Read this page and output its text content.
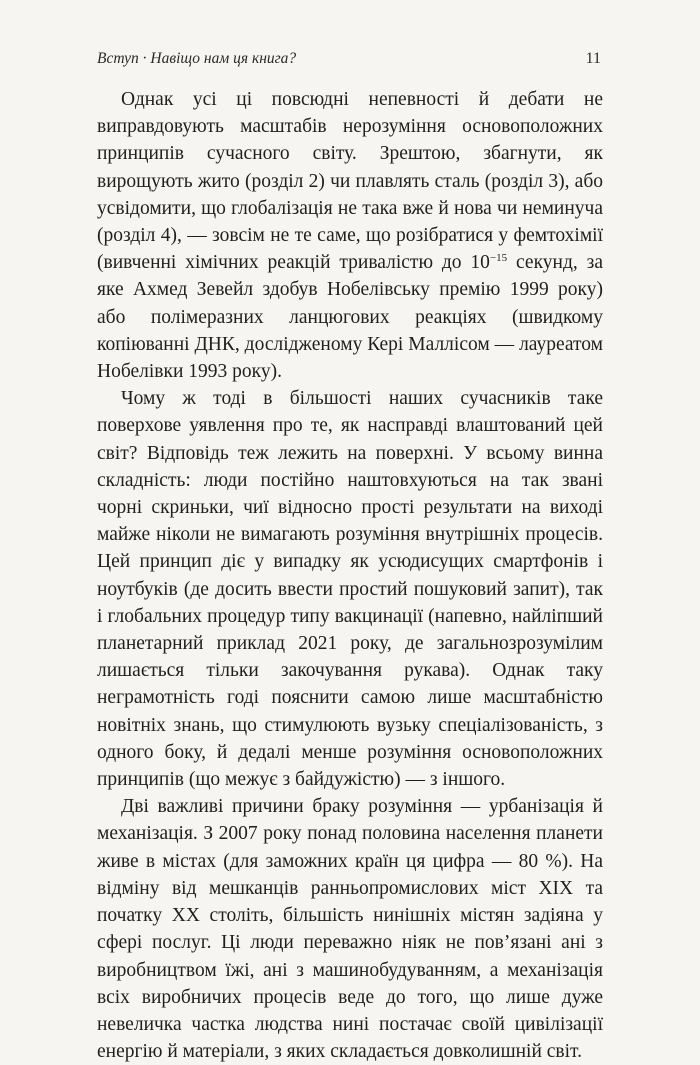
Вступ · Навіщо нам ця книга?	11

Однак усі ці повсюдні непевності й дебати не виправдовують масштабів нерозуміння основоположних принципів сучасного світу. Зрештою, збагнути, як вирощують жито (розділ 2) чи плавлять сталь (розділ 3), або усвідомити, що глобалізація не така вже й нова чи неминуча (розділ 4), — зовсім не те саме, що розібратися у фемтохімії (вивченні хімічних реакцій тривалістю до $10^{-15}$ секунд, за яке Ахмед Зевейл здобув Нобелівську премію 1999 року) або полімеразних ланцюгових реакціях (швидкому копіюванні ДНК, дослідженому Кері Маллісом — лауреатом Нобелівки 1993 року).

Чому ж тоді в більшості наших сучасників таке поверхове уявлення про те, як насправді влаштований цей світ? Відповідь теж лежить на поверхні. У всьому винна складність: люди постійно наштовхуються на так звані чорні скриньки, чиї відносно прості результати на виході майже ніколи не вимагають розуміння внутрішніх процесів. Цей принцип діє у випадку як усюдисущих смартфонів і ноутбуків (де досить ввести простий пошуковий запит), так і глобальних процедур типу вакцинації (напевно, найліпший планетарний приклад 2021 року, де загальнозрозумілим лишається тільки закочування рукава). Однак таку неграмотність годі пояснити самою лише масштабністю новітніх знань, що стимулюють вузьку спеціалізованість, з одного боку, й дедалі менше розуміння основоположних принципів (що межує з байдужістю) — з іншого.

Дві важливі причини браку розуміння — урбанізація й механізація. З 2007 року понад половина населення планети живе в містах (для заможних країн ця цифра — 80 %). На відміну від мешканців ранньопромислових міст XIX та початку XX століть, більшість нинішніх містян задіяна у сфері послуг. Ці люди переважно ніяк не пов’язані ані з виробництвом їжі, ані з машинобудуванням, а механізація всіх виробничих процесів веде до того, що лише дуже невеличка частка людства нині постачає своїй цивілізації енергію й матеріали, з яких складається довколишній світ.
